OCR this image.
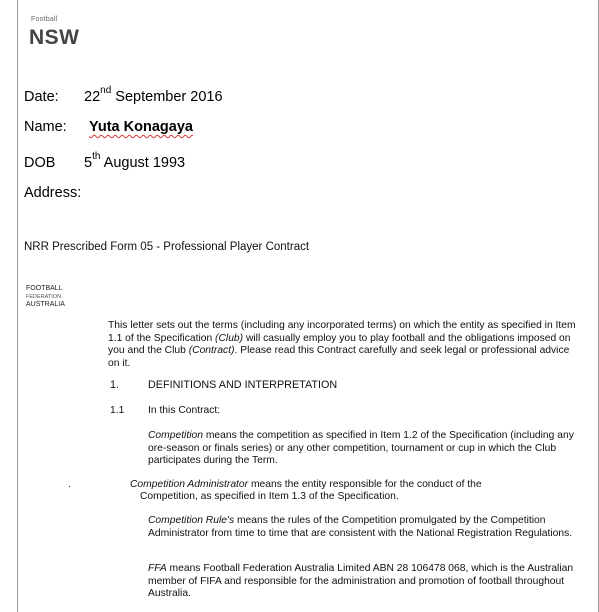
Football
NSW
Date: 22nd September 2016
Name: Yuta Konagaya
DOB 5th August 1993
Address:
NRR Prescribed Form 05 - Professional Player Contract
FOOTBALL
FEDERATION
AUSTRALIA
This letter sets out the terms (including any incorporated terms) on which the entity as specified in Item 1.1 of the Specification (Club) will casually employ you to play football and the obligations imposed on you and the Club (Contract). Please read this Contract carefully and seek legal or professional advice on it.
1.	DEFINITIONS AND INTERPRETATION
1.1 In this Contract:
Competition means the competition as specified in Item 1.2 of the Specification (including any ore-season or finals series) or any other competition, tournament or cup in which the Club participates during the Term.
.	Competition Administrator means the entity responsible for the conduct of the
Competition, as specified in Item 1.3 of the Specification.
Competition Rule's means the rules of the Competition promulgated by the Competition Administrator from time to time that are consistent with the National Registration Regulations.
FFA means Football Federation Australia Limited ABN 28 106478 068, which is the Australian member of FIFA and responsible for the administration and promotion of football throughout Australia.
